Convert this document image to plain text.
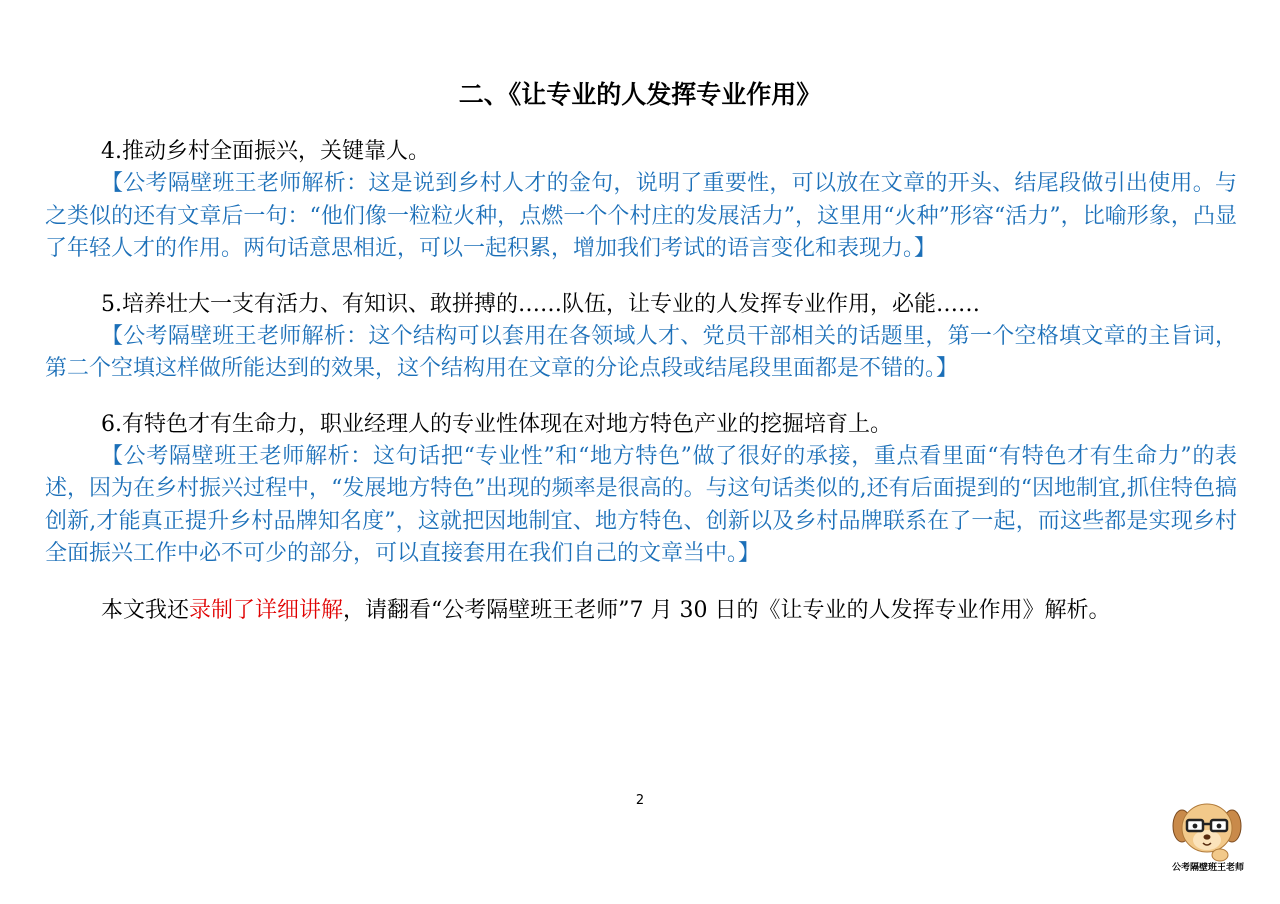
二、《让专业的人发挥专业作用》

4.推动乡村全面振兴，关键靠人。

【公考隔壁班王老师解析：这是说到乡村人才的金句，说明了重要性，可以放在文章的开头、结尾段做引出使用。与之类似的还有文章后一句：“他们像一粒粒火种，点燃一个个村庄的发展活力”，这里用“火种”形容“活力”，比喻形象，凸显了年轻人才的作用。两句话意思相近，可以一起积累，增加我们考试的语言变化和表现力。】

5.培养壮大一支有活力、有知识、敢拼搏的……队伍，让专业的人发挥专业作用，必能……

【公考隔壁班王老师解析：这个结构可以套用在各领域人才、党员干部相关的话题里，第一个空格填文章的主旨词，第二个空填这样做所能达到的效果，这个结构用在文章的分论点段或结尾段里面都是不错的。】

6.有特色才有生命力，职业经理人的专业性体现在对地方特色产业的挖掘培育上。

【公考隔壁班王老师解析：这句话把“专业性”和“地方特色”做了很好的承接，重点看里面“有特色才有生命力”的表述，因为在乡村振兴过程中，“发展地方特色”出现的频率是很高的。与这句话类似的,还有后面提到的“因地制宜,抓住特色搞创新,才能真正提升乡村品牌知名度”，这就把因地制宜、地方特色、创新以及乡村品牌联系在了一起，而这些都是实现乡村全面振兴工作中必不可少的部分，可以直接套用在我们自己的文章当中。】

本文我还录制了详细讲解，请翻看“公考隔壁班王老师”7 月 30 日的《让专业的人发挥专业作用》解析。

2
公考隔壁班王老师
